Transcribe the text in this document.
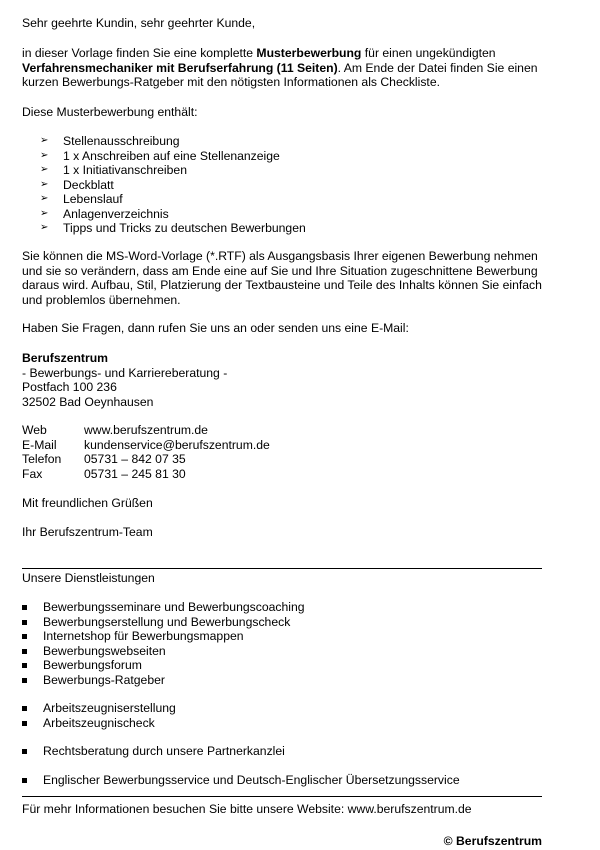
Sehr geehrte Kundin, sehr geehrter Kunde,

in dieser Vorlage finden Sie eine komplette Musterbewerbung für einen ungekündigten Verfahrensmechaniker mit Berufserfahrung (11 Seiten). Am Ende der Datei finden Sie einen kurzen Bewerbungs-Ratgeber mit den nötigsten Informationen als Checkliste.

Diese Musterbewerbung enthält:

➢ Stellenausschreibung
➢ 1 x Anschreiben auf eine Stellenanzeige
➢ 1 x Initiativanschreiben
➢ Deckblatt
➢ Lebenslauf
➢ Anlagenverzeichnis
➢ Tipps und Tricks zu deutschen Bewerbungen

Sie können die MS-Word-Vorlage (*.RTF) als Ausgangsbasis Ihrer eigenen Bewerbung nehmen und sie so verändern, dass am Ende eine auf Sie und Ihre Situation zugeschnittene Bewerbung daraus wird. Aufbau, Stil, Platzierung der Textbausteine und Teile des Inhalts können Sie einfach und problemlos übernehmen.

Haben Sie Fragen, dann rufen Sie uns an oder senden uns eine E-Mail:

Berufszentrum

- Bewerbungs- und Karriereberatung -

Postfach 100 236

32502 Bad Oeynhausen

Web	www.berufszentrum.de
E-Mail kundenservice@berufszentrum.de
Telefon 05731 – 842 07 35
Fax	05731 – 245 81 30

Mit freundlichen Grüßen

Ihr Berufszentrum-Team

Unsere Dienstleistungen

Bewerbungsseminare und Bewerbungscoaching
Bewerbungserstellung und Bewerbungscheck
Internetshop für Bewerbungsmappen
Bewerbungswebseiten
Bewerbungsforum
Bewerbungs-Ratgeber
Arbeitszeugniserstellung
Arbeitszeugnischeck
Rechtsberatung durch unsere Partnerkanzlei
Englischer Bewerbungsservice und Deutsch-Englischer Übersetzungsservice

Für mehr Informationen besuchen Sie bitte unsere Website: www.berufszentrum.de

© Berufszentrum
